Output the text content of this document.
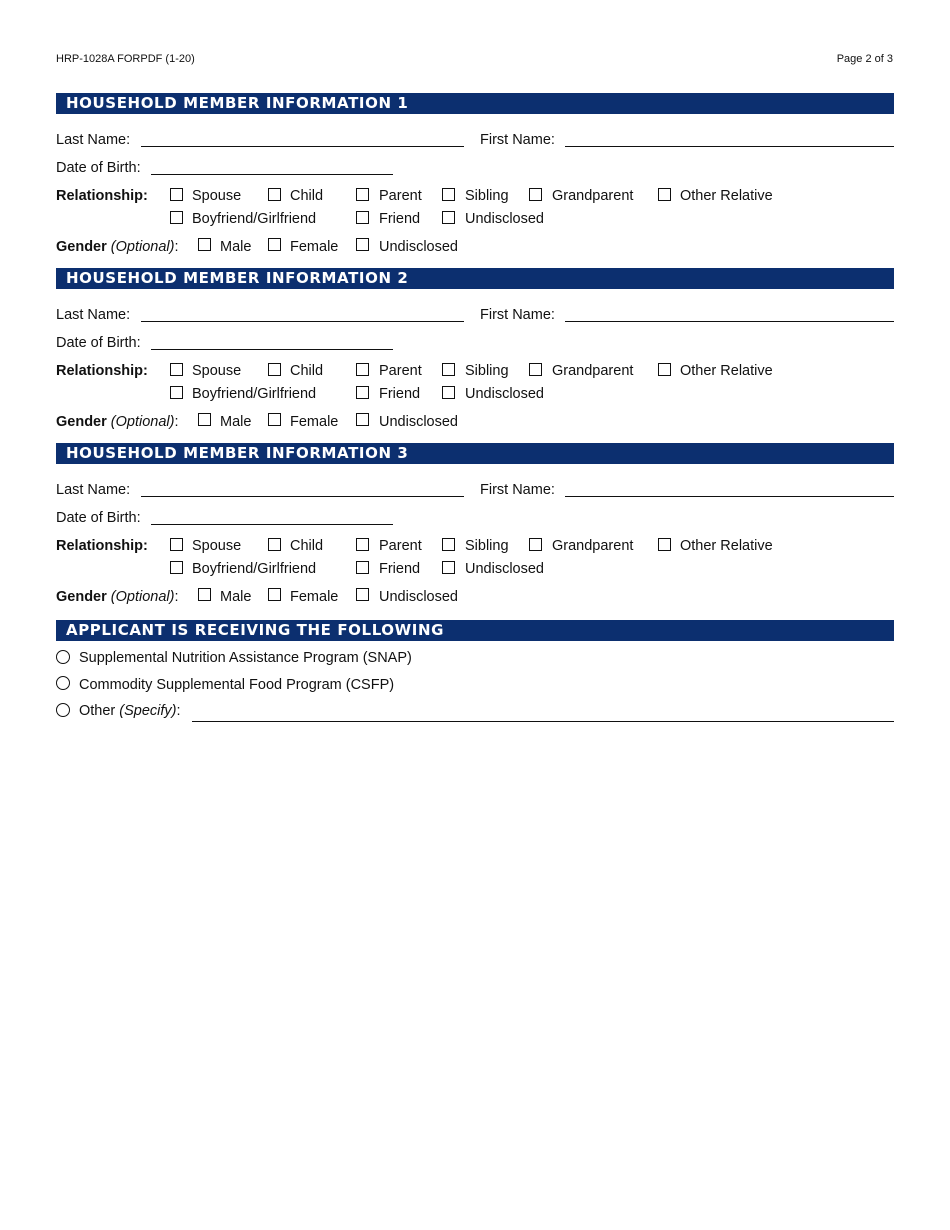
HRP-1028A FORPDF (1-20)	Page 2 of 3
HOUSEHOLD MEMBER INFORMATION 1
Last Name:	First Name:
Date of Birth:
Relationship:	Spouse	Child	Parent	Sibling	Grandparent	Other Relative
Boyfriend/Girlfriend	Friend	Undisclosed
Gender (Optional):	Male	Female	Undisclosed
HOUSEHOLD MEMBER INFORMATION 2
Last Name:	First Name:
Date of Birth:
Relationship:	Spouse	Child	Parent	Sibling	Grandparent	Other Relative
Boyfriend/Girlfriend	Friend	Undisclosed
Gender (Optional):	Male	Female	Undisclosed
HOUSEHOLD MEMBER INFORMATION 3
Last Name:	First Name:
Date of Birth:
Relationship:	Spouse	Child	Parent	Sibling	Grandparent	Other Relative
Boyfriend/Girlfriend	Friend	Undisclosed
Gender (Optional):	Male	Female	Undisclosed
APPLICANT IS RECEIVING THE FOLLOWING
Supplemental Nutrition Assistance Program (SNAP)
Commodity Supplemental Food Program (CSFP)
Other (Specify):
